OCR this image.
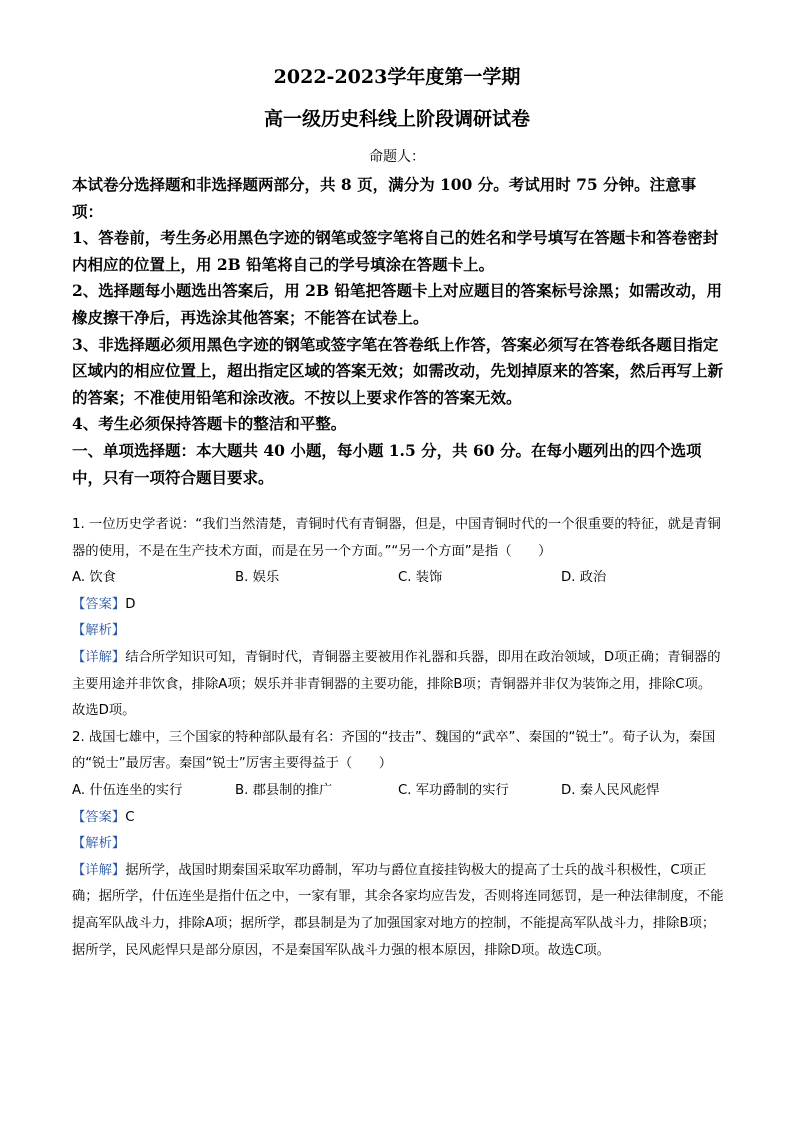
2022-2023学年度第一学期
高一级历史科线上阶段调研试卷
命题人：

本试卷分选择题和非选择题两部分，共 8 页，满分为 100 分。考试用时 75 分钟。注意事项：

1、答卷前，考生务必用黑色字迹的钢笔或签字笔将自己的姓名和学号填写在答题卡和答卷密封内相应的位置上，用 2B 铅笔将自己的学号填涂在答题卡上。

2、选择题每小题选出答案后，用 2B 铅笔把答题卡上对应题目的答案标号涂黑；如需改动，用橡皮擦干净后，再选涂其他答案；不能答在试卷上。

3、非选择题必须用黑色字迹的钢笔或签字笔在答卷纸上作答，答案必须写在答卷纸各题目指定区域内的相应位置上，超出指定区域的答案无效；如需改动，先划掉原来的答案，然后再写上新的答案；不准使用铅笔和涂改液。不按以上要求作答的答案无效。

4、考生必须保持答题卡的整洁和平整。

一、单项选择题：本大题共 40 小题，每小题 1.5 分，共 60 分。在每小题列出的四个选项中，只有一项符合题目要求。

1. 一位历史学者说：“我们当然清楚，青铜时代有青铜器，但是，中国青铜时代的一个很重要的特征，就是青铜器的使用，不是在生产技术方面，而是在另一个方面。”“另一个方面”是指（　　）

A. 饮食	B. 娱乐	C. 装饰	D. 政治

【答案】D

【解析】

【详解】结合所学知识可知，青铜时代，青铜器主要被用作礼器和兵器，即用在政治领域，D项正确；青铜器的主要用途并非饮食，排除A项；娱乐并非青铜器的主要功能，排除B项；青铜器并非仅为装饰之用，排除C项。故选D项。

2. 战国七雄中，三个国家的特种部队最有名：齐国的“技击”、魏国的“武卒”、秦国的“锐士”。荀子认为，秦国的“锐士”最厉害。秦国“锐士”厉害主要得益于（　　）

A. 什伍连坐的实行	B. 郡县制的推广	C. 军功爵制的实行	D. 秦人民风彪悍

【答案】C

【解析】

【详解】据所学，战国时期秦国采取军功爵制，军功与爵位直接挂钩极大的提高了士兵的战斗积极性，C项正确；据所学，什伍连坐是指什伍之中，一家有罪，其余各家均应告发，否则将连同惩罚，是一种法律制度，不能提高军队战斗力，排除A项；据所学，郡县制是为了加强国家对地方的控制，不能提高军队战斗力，排除B项；据所学，民风彪悍只是部分原因，不是秦国军队战斗力强的根本原因，排除D项。故选C项。
